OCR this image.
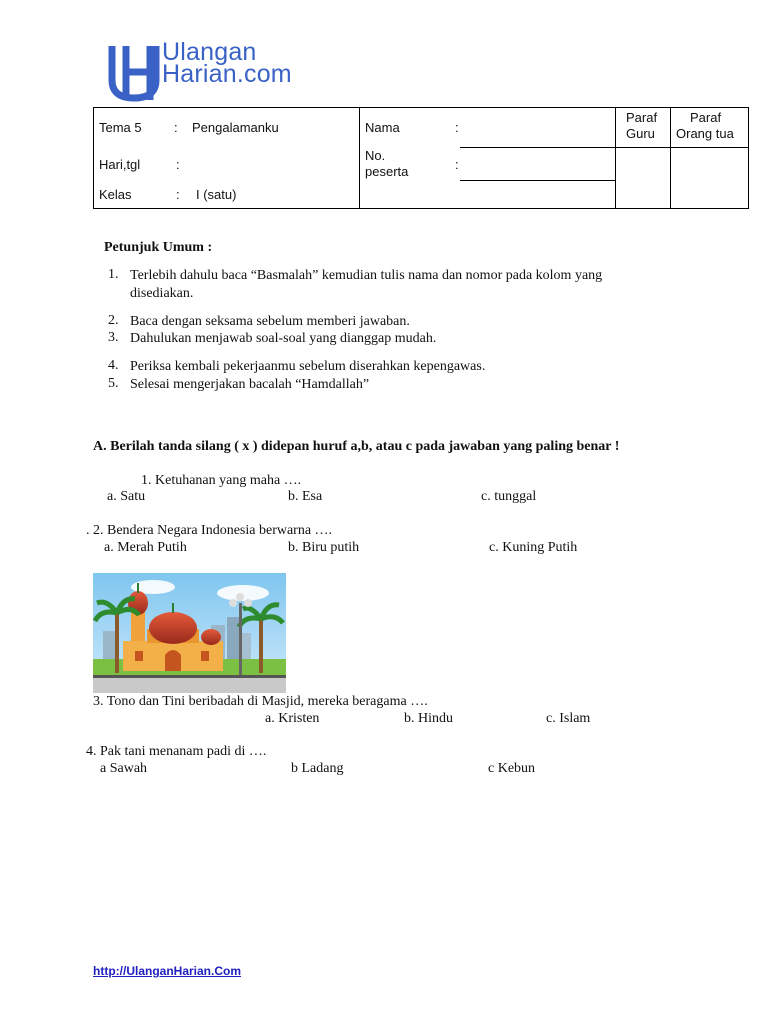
Ulangan
Harian.com
Tema 5 : Pengalamanku
Hari,tgl	:
Kelas	: I (satu)
Nama	:
No.
peserta	:
Paraf
Guru
Paraf
Orang tua
Petunjuk Umum :
1. Terlebih dahulu baca “Basmalah” kemudian tulis nama dan nomor pada kolom yang disediakan.
2. Baca dengan seksama sebelum memberi jawaban.
3. Dahulukan menjawab soal-soal yang dianggap mudah.
4. Periksa kembali pekerjaanmu sebelum diserahkan kepengawas.
5. Selesai mengerjakan bacalah “Hamdallah”
A. Berilah tanda silang ( x ) didepan huruf a,b, atau c pada jawaban yang paling benar !
1. Ketuhanan yang maha ….
a. Satu	b. Esa	c. tunggal
. 2. Bendera Negara Indonesia berwarna ….
a. Merah Putih	b. Biru putih	c. Kuning Putih
3. Tono dan Tini beribadah di Masjid, mereka beragama ….
a. Kristen	b. Hindu	c. Islam
4. Pak tani menanam padi di ….
a Sawah	b Ladang	c Kebun
http://UlanganHarian.Com
